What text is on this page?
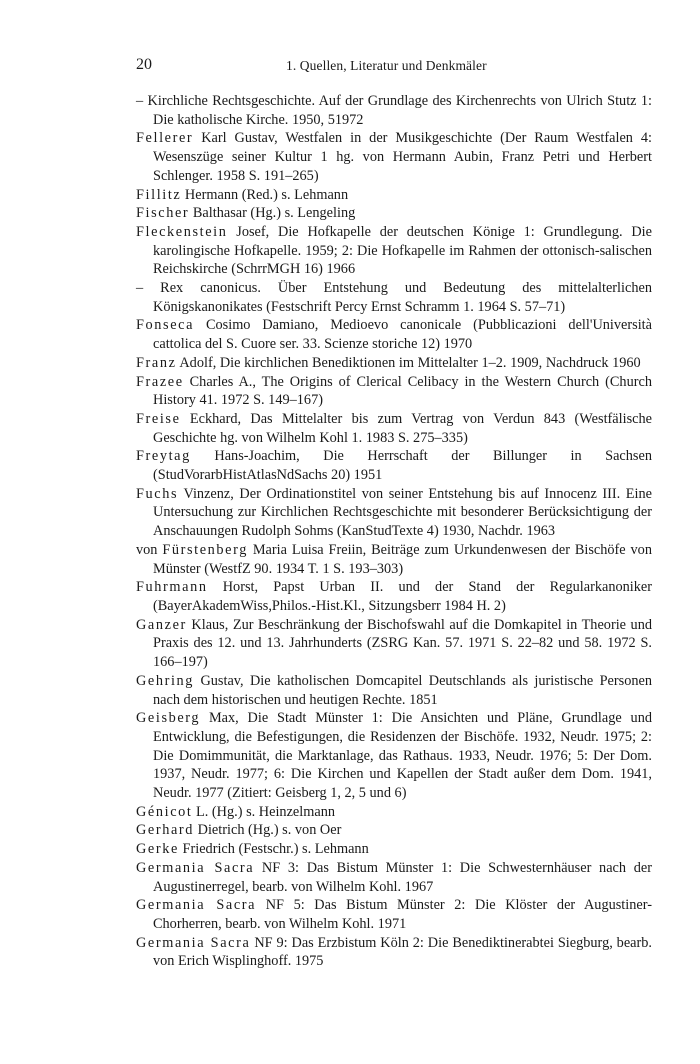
20	1. Quellen, Literatur und Denkmäler
– Kirchliche Rechtsgeschichte. Auf der Grundlage des Kirchenrechts von Ulrich Stutz 1: Die katholische Kirche. 1950, 51972
Fellerer Karl Gustav, Westfalen in der Musikgeschichte (Der Raum Westfalen 4: Wesenszüge seiner Kultur 1 hg. von Hermann Aubin, Franz Petri und Herbert Schlenger. 1958 S. 191–265)
Fillitz Hermann (Red.) s. Lehmann
Fischer Balthasar (Hg.) s. Lengeling
Fleckenstein Josef, Die Hofkapelle der deutschen Könige 1: Grundlegung. Die karolingische Hofkapelle. 1959; 2: Die Hofkapelle im Rahmen der ottonisch-salischen Reichskirche (SchrrMGH 16) 1966
– Rex canonicus. Über Entstehung und Bedeutung des mittelalterlichen Königskanonikates (Festschrift Percy Ernst Schramm 1. 1964 S. 57–71)
Fonseca Cosimo Damiano, Medioevo canonicale (Pubblicazioni dell'Università cattolica del S. Cuore ser. 33. Scienze storiche 12) 1970
Franz Adolf, Die kirchlichen Benediktionen im Mittelalter 1–2. 1909, Nachdruck 1960
Frazee Charles A., The Origins of Clerical Celibacy in the Western Church (Church History 41. 1972 S. 149–167)
Freise Eckhard, Das Mittelalter bis zum Vertrag von Verdun 843 (Westfälische Geschichte hg. von Wilhelm Kohl 1. 1983 S. 275–335)
Freytag Hans-Joachim, Die Herrschaft der Billunger in Sachsen (StudVorarbHistAtlasNdSachs 20) 1951
Fuchs Vinzenz, Der Ordinationstitel von seiner Entstehung bis auf Innocenz III. Eine Untersuchung zur Kirchlichen Rechtsgeschichte mit besonderer Berücksichtigung der Anschauungen Rudolph Sohms (KanStudTexte 4) 1930, Nachdr. 1963
von Fürstenberg Maria Luisa Freiin, Beiträge zum Urkundenwesen der Bischöfe von Münster (WestfZ 90. 1934 T. 1 S. 193–303)
Fuhrmann Horst, Papst Urban II. und der Stand der Regularkanoniker (BayerAkademWiss,Philos.-Hist.Kl., Sitzungsberr 1984 H. 2)
Ganzer Klaus, Zur Beschränkung der Bischofswahl auf die Domkapitel in Theorie und Praxis des 12. und 13. Jahrhunderts (ZSRG Kan. 57. 1971 S. 22–82 und 58. 1972 S. 166–197)
Gehring Gustav, Die katholischen Domcapitel Deutschlands als juristische Personen nach dem historischen und heutigen Rechte. 1851
Geisberg Max, Die Stadt Münster 1: Die Ansichten und Pläne, Grundlage und Entwicklung, die Befestigungen, die Residenzen der Bischöfe. 1932, Neudr. 1975; 2: Die Domimmunität, die Marktanlage, das Rathaus. 1933, Neudr. 1976; 5: Der Dom. 1937, Neudr. 1977; 6: Die Kirchen und Kapellen der Stadt außer dem Dom. 1941, Neudr. 1977 (Zitiert: Geisberg 1, 2, 5 und 6)
Génicot L. (Hg.) s. Heinzelmann
Gerhard Dietrich (Hg.) s. von Oer
Gerke Friedrich (Festschr.) s. Lehmann
Germania Sacra NF 3: Das Bistum Münster 1: Die Schwesternhäuser nach der Augustinerregel, bearb. von Wilhelm Kohl. 1967
Germania Sacra NF 5: Das Bistum Münster 2: Die Klöster der Augustiner-Chorherren, bearb. von Wilhelm Kohl. 1971
Germania Sacra NF 9: Das Erzbistum Köln 2: Die Benediktinerabtei Siegburg, bearb. von Erich Wisplinghoff. 1975
